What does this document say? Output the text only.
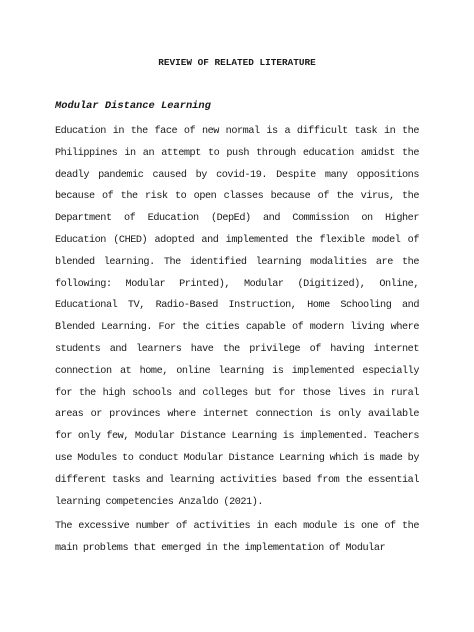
REVIEW OF RELATED LITERATURE
Modular Distance Learning

Education in the face of new normal is a difficult task in the Philippines in an attempt to push through education amidst the deadly pandemic caused by covid-19. Despite many oppositions because of the risk to open classes because of the virus, the Department of Education (DepEd) and Commission on Higher Education (CHED) adopted and implemented the flexible model of blended learning. The identified learning modalities are the following: Modular Printed), Modular (Digitized), Online, Educational TV, Radio-Based Instruction, Home Schooling and Blended Learning. For the cities capable of modern living where students and learners have the privilege of having internet connection at home, online learning is implemented especially for the high schools and colleges but for those lives in rural areas or provinces where internet connection is only available for only few, Modular Distance Learning is implemented. Teachers use Modules to conduct Modular Distance Learning which is made by different tasks and learning activities based from the essential learning competencies Anzaldo (2021).

The excessive number of activities in each module is one of the main problems that emerged in the implementation of Modular
